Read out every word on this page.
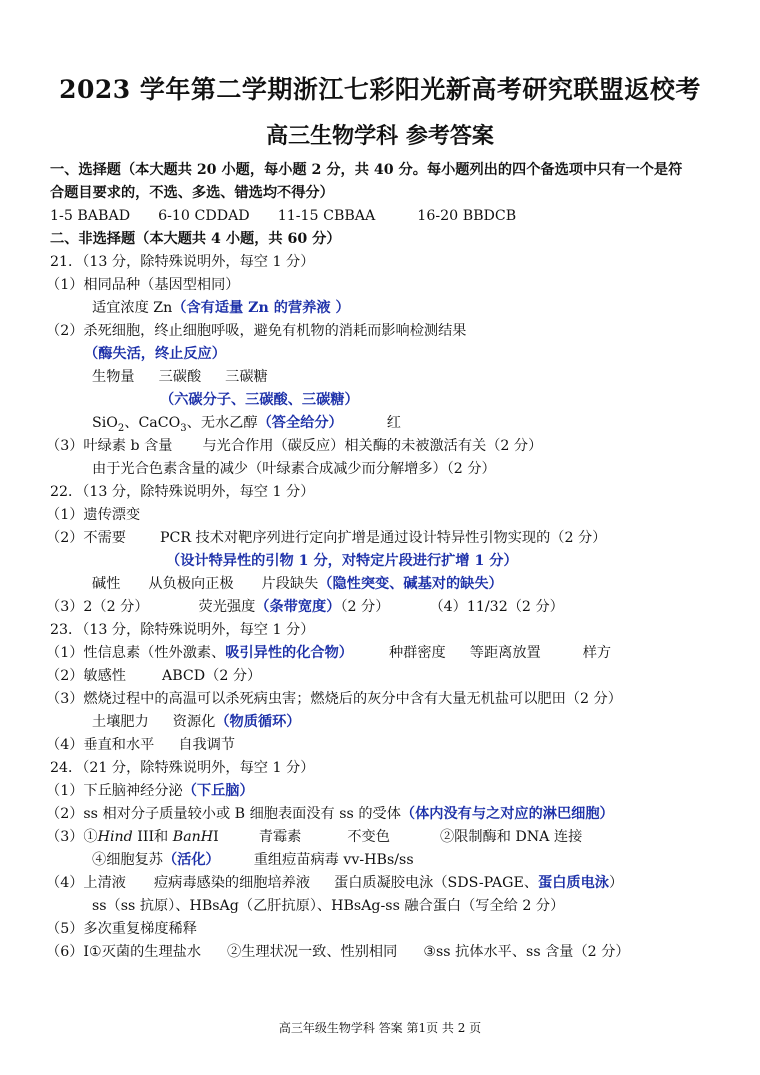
2023 学年第二学期浙江七彩阳光新高考研究联盟返校考
高三生物学科 参考答案
一、选择题（本大题共 20 小题，每小题 2 分，共 40 分。每小题列出的四个备选项中只有一个是符
合题目要求的，不选、多选、错选均不得分）
1-5 BABAD 6-10 CDDAD 11-15 CBBAA	16-20 BBDCB
二、非选择题（本大题共 4 小题，共 60 分）
21．（13 分，除特殊说明外，每空 1 分）
（1）相同品种（基因型相同）
适宜浓度 Zn（含有适量 Zn 的营养液 ）
（2）杀死细胞，终止细胞呼吸，避免有机物的消耗而影响检测结果
（酶失活，终止反应）
生物量 三碳酸 三碳糖
（六碳分子、三碳酸、三碳糖）
SiO$_2$、CaCO$_3$、无水乙醇（答全给分）	红
（3）叶绿素 b 含量 与光合作用（碳反应）相关酶的未被激活有关（2 分）
由于光合色素含量的减少（叶绿素合成减少而分解增多）（2 分）
22．（13 分，除特殊说明外，每空 1 分）
（1）遗传漂变
（2）不需要 PCR 技术对靶序列进行定向扩增是通过设计特异性引物实现的（2 分）
（设计特异性的引物 1 分，对特定片段进行扩增 1 分）
碱性 从负极向正极 片段缺失（隐性突变、碱基对的缺失）
（3）2（2 分）	荧光强度（条带宽度）（2 分）	（4）11/32（2 分）
23．（13 分，除特殊说明外，每空 1 分）
（1）性信息素（性外激素、吸引异性的化合物）	种群密度 等距离放置	样方
（2）敏感性	ABCD（2 分）
（3）燃烧过程中的高温可以杀死病虫害；燃烧后的灰分中含有大量无机盐可以肥田（2 分）
土壤肥力 资源化（物质循环）
（4）垂直和水平 自我调节
24．（21 分，除特殊说明外，每空 1 分）
（1）下丘脑神经分泌（下丘脑）
（2）ss 相对分子质量较小或 B 细胞表面没有 ss 的受体（体内没有与之对应的淋巴细胞）
（3）①Hind III和 BanHI	青霉素	不变色	②限制酶和 DNA 连接
④细胞复苏（活化） 重组痘苗病毒 vv-HBs/ss
（4）上清液 痘病毒感染的细胞培养液 蛋白质凝胶电泳（SDS-PAGE、蛋白质电泳）
ss（ss 抗原）、HBsAg（乙肝抗原）、HBsAg-ss 融合蛋白（写全给 2 分）
（5）多次重复梯度稀释
（6）I①灭菌的生理盐水 ②生理状况一致、性别相同 ③ss 抗体水平、ss 含量（2 分）
高三年级生物学科 答案 第1页 共 2 页
